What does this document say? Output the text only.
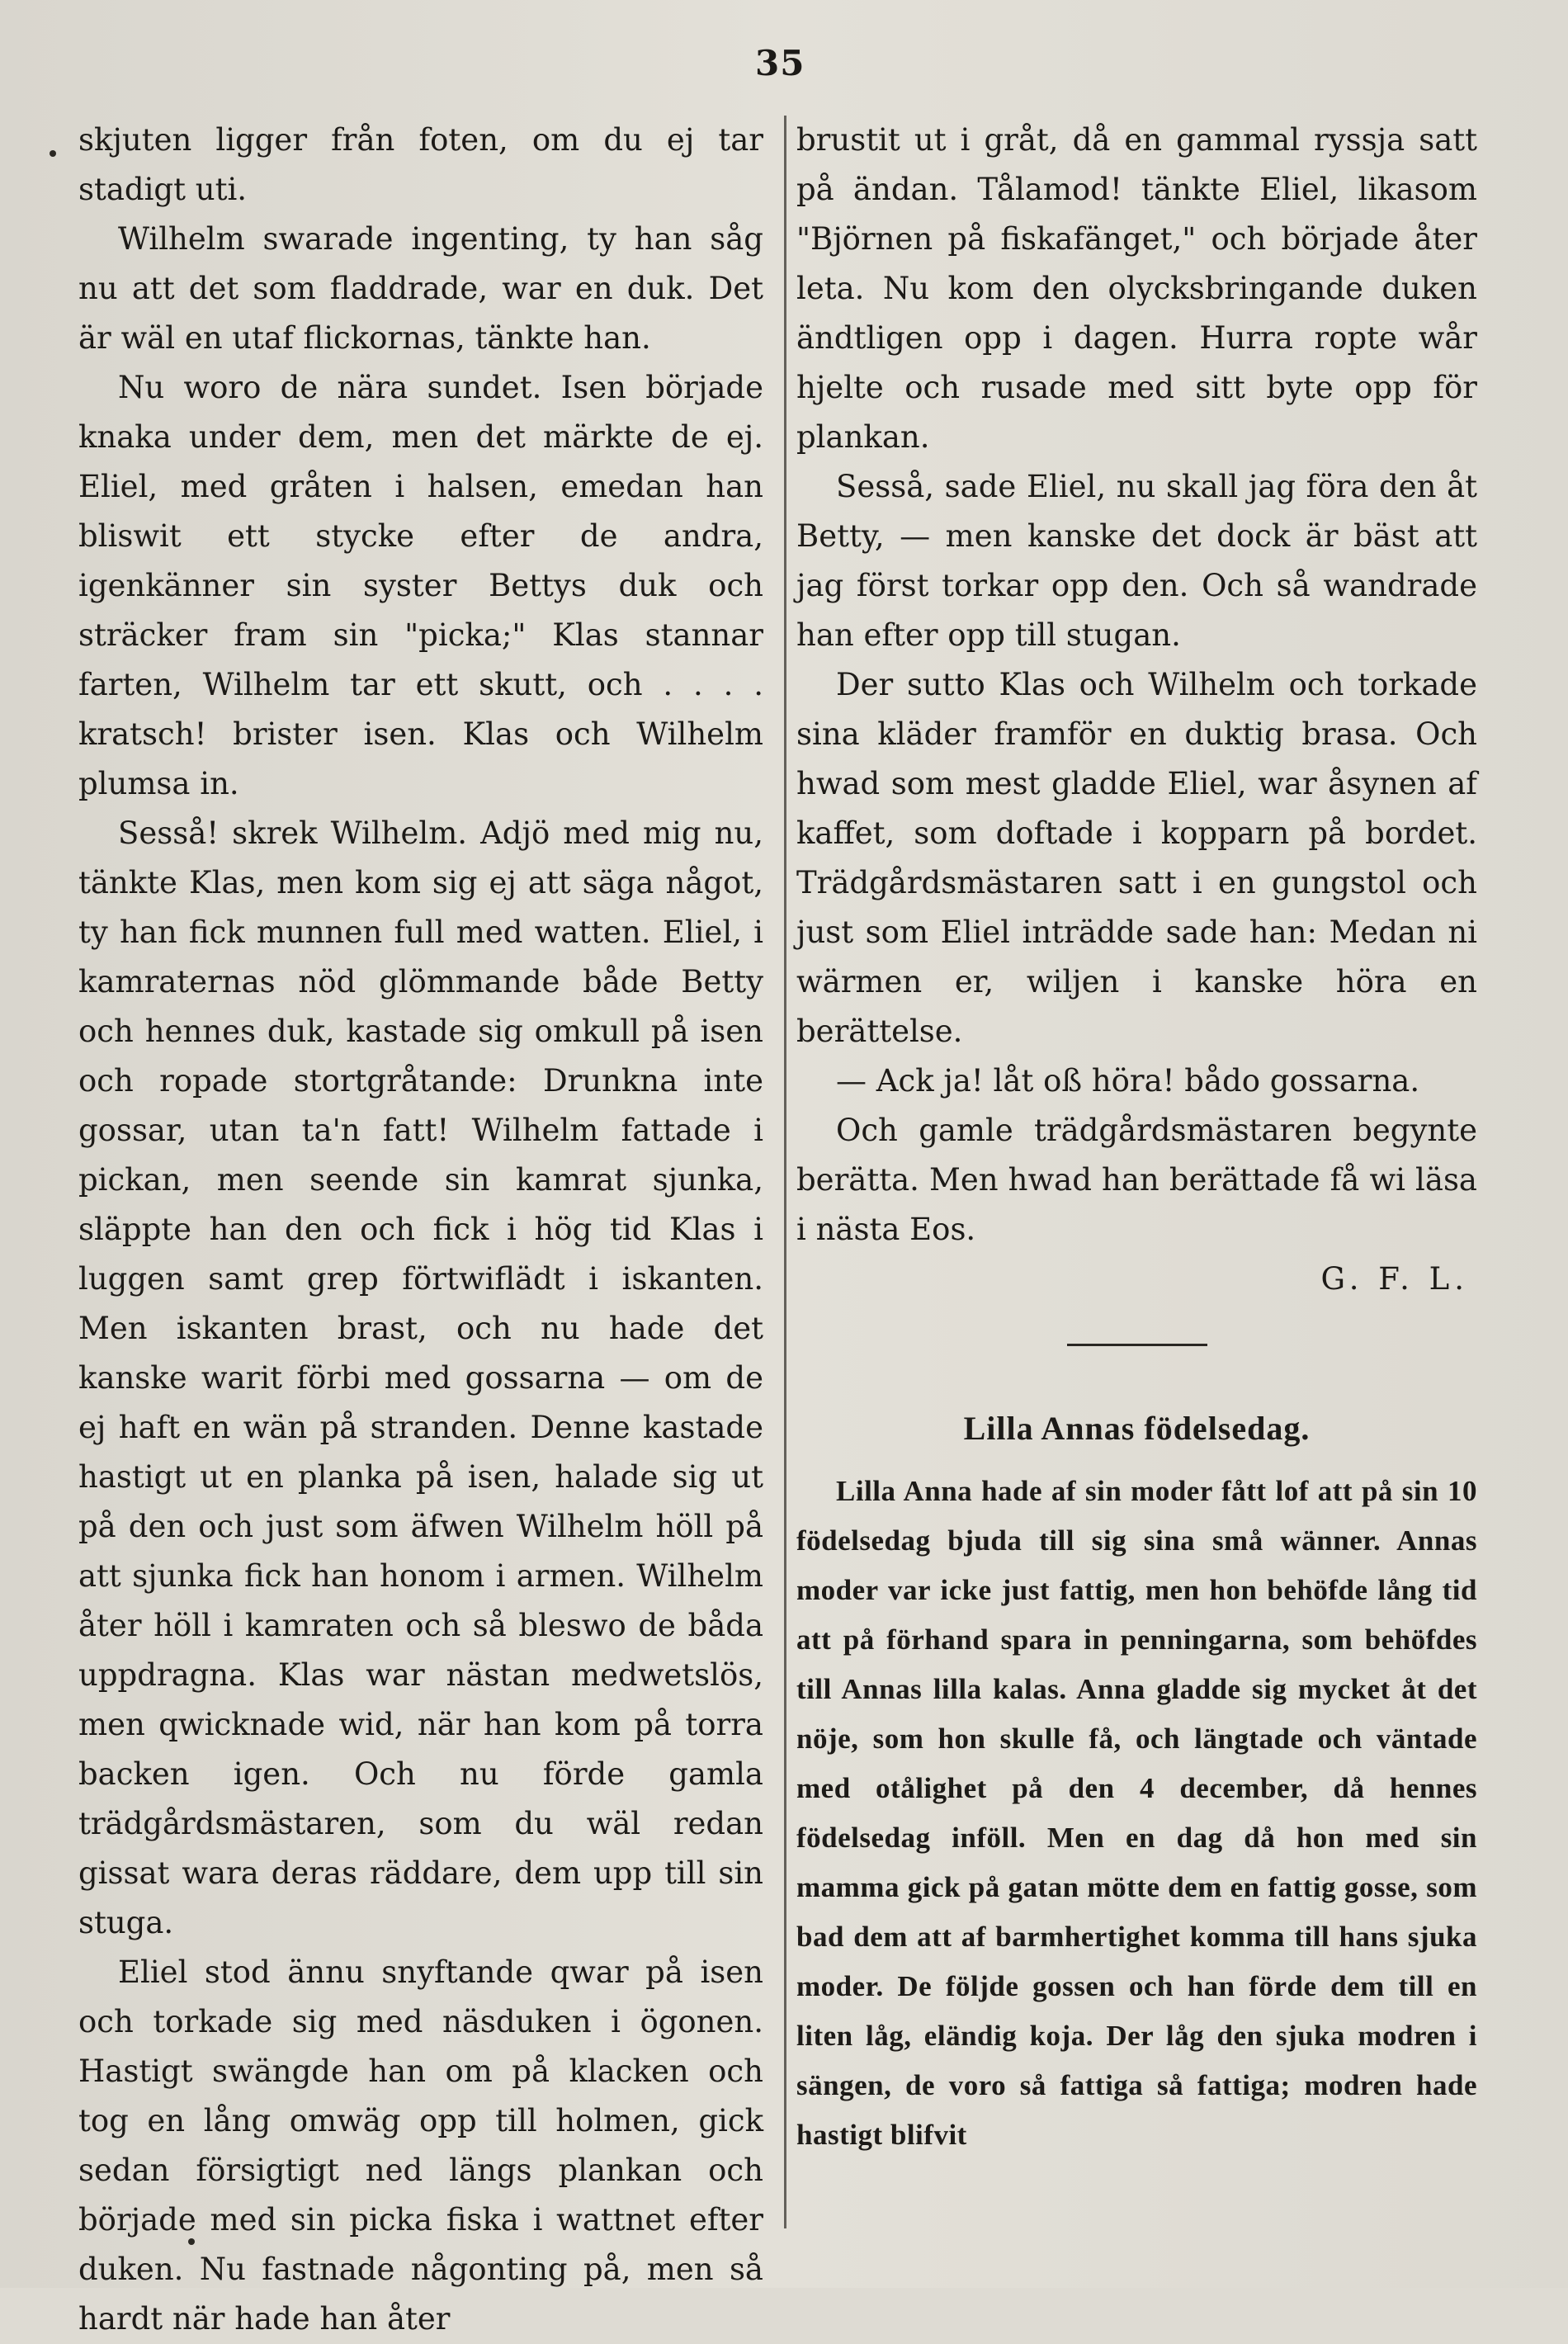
35

skjuten ligger från foten, om du ej tar stadigt uti.

Wilhelm swarade ingenting, ty han såg nu att det som fladdrade, war en duk. Det är wäl en utaf flickornas, tänkte han.

Nu woro de nära sundet. Isen började knaka under dem, men det märkte de ej. Eliel, med gråten i halsen, emedan han bliswit ett stycke efter de andra, igenkänner sin syster Bettys duk och sträcker fram sin "picka;" Klas stannar farten, Wilhelm tar ett skutt, och . . . . kratsch! brister isen. Klas och Wilhelm plumsa in.

Sesså! skrek Wilhelm. Adjö med mig nu, tänkte Klas, men kom sig ej att säga något, ty han fick munnen full med watten. Eliel, i kamraternas nöd glömmande både Betty och hennes duk, kastade sig omkull på isen och ropade stortgråtande: Drunkna inte gossar, utan ta'n fatt! Wilhelm fattade i pickan, men seende sin kamrat sjunka, släppte han den och fick i hög tid Klas i luggen samt grep förtwiflädt i iskanten. Men iskanten brast, och nu hade det kanske warit förbi med gossarna — om de ej haft en wän på stranden. Denne kastade hastigt ut en planka på isen, halade sig ut på den och just som äfwen Wilhelm höll på att sjunka fick han honom i armen. Wilhelm åter höll i kamraten och så bleswo de båda uppdragna. Klas war nästan medwetslös, men qwicknade wid, när han kom på torra backen igen. Och nu förde gamla trädgårdsmästaren, som du wäl redan gissat wara deras räddare, dem upp till sin stuga.

Eliel stod ännu snyftande qwar på isen och torkade sig med näsduken i ögonen. Hastigt swängde han om på klacken och tog en lång omwäg opp till holmen, gick sedan försigtigt ned längs plankan och började med sin picka fiska i wattnet efter duken. Nu fastnade någonting på, men så hardt när hade han åter

brustit ut i gråt, då en gammal ryssja satt på ändan. Tålamod! tänkte Eliel, likasom "Björnen på fiskafänget," och började åter leta. Nu kom den olycksbringande duken ändtligen opp i dagen. Hurra ropte wår hjelte och rusade med sitt byte opp för plankan.

Sesså, sade Eliel, nu skall jag föra den åt Betty, — men kanske det dock är bäst att jag först torkar opp den. Och så wandrade han efter opp till stugan.

Der sutto Klas och Wilhelm och torkade sina kläder framför en duktig brasa. Och hwad som mest gladde Eliel, war åsynen af kaffet, som doftade i kopparn på bordet. Trädgårdsmästaren satt i en gungstol och just som Eliel inträdde sade han: Medan ni wärmen er, wiljen i kanske höra en berättelse.

— Ack ja! låt oß höra! bådo gossarna.

Och gamle trädgårdsmästaren begynte berätta. Men hwad han berättade få wi läsa i nästa Eos.

G. F. L.
Lilla Annas födelsedag.

Lilla Anna hade af sin moder fått lof att på sin 10 födelsedag bjuda till sig sina små wänner. Annas moder var icke just fattig, men hon behöfde lång tid att på förhand spara in penningarna, som behöfdes till Annas lilla kalas. Anna gladde sig mycket åt det nöje, som hon skulle få, och längtade och väntade med otålighet på den 4 december, då hennes födelsedag inföll. Men en dag då hon med sin mamma gick på gatan mötte dem en fattig gosse, som bad dem att af barmhertighet komma till hans sjuka moder. De följde gossen och han förde dem till en liten låg, eländig koja. Der låg den sjuka modren i sängen, de voro så fattiga så fattiga; modren hade hastigt blifvit
